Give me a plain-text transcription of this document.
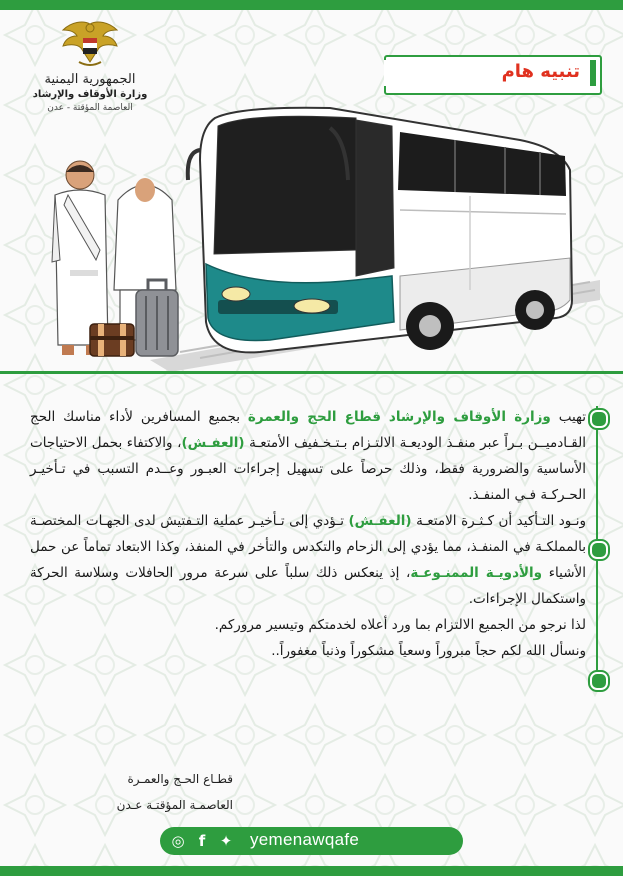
الجمهورية اليمنية
وزارة الأوقاف والإرشاد
العاصمة المؤقتة - عدن
تنبيه هام

تهيب وزارة الأوقاف والإرشاد قطاع الحج والعمرة بجميع المسافرين لأداء مناسك الحج القـادميــن بـراً عبر منفـذ الوديعـة الالتـزام بـتـخـفيف الأمتعـة (العفـش)، والاكتفاء بحمل الاحتياجات الأساسية والضرورية فقط، وذلك حرصاً على تسهيل إجراءات العبـور وعــدم التسبب في تـأخيـر الحـركـة فـي المنفـذ.

ونـود التـأكيد أن كـثـرة الامتعـة (العفـش) تـؤدي إلى تـأخيـر عملية التـفتيش لدى الجهـات المختصـة بالمملكـة في المنفـذ، مما يؤدي إلى الزحام والتكدس والتأخر في المنفذ، وكذا الابتعاد تماماً عن حمل الأشياء والأدويـة الممنـوعـة، إذ ينعكس ذلك سلباً على سرعة مرور الحافلات وسلاسة الحركة واستكمال الإجراءات.

لذا نرجو من الجميع الالتزام بما ورد أعلاه لخدمتكم وتيسير مروركم.

ونسأل الله لكم حجاً مبروراً وسعياً مشكوراً وذنباً مغفوراً..

قطـاع الحـج والعمـرة
العاصمـة المؤقتـة عـدن
◎ f ✦ yemenawqafe
